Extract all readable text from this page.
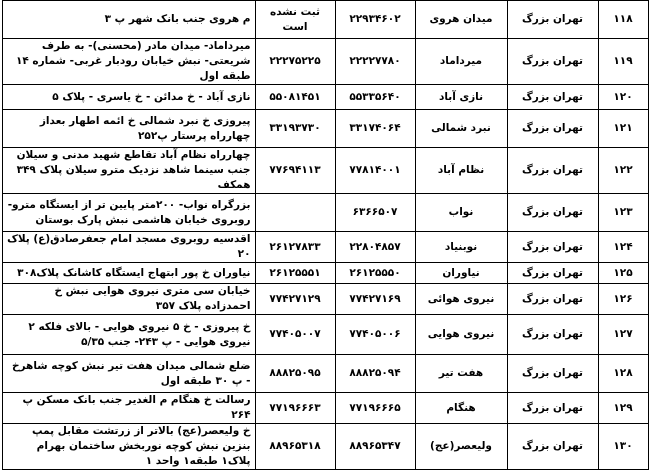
۱۱۸	تهران بزرگ	میدان هروی	۲۲۹۳۴۶۰۲	ثبت نشده است	م هروی جنب بانک شهر پ ۳
۱۱۹	تهران بزرگ	میرداماد	۲۲۲۲۷۷۸۰	۲۲۲۷۵۲۲۵	میرداماد- میدان مادر (محسنی)- به طرف شریعتی- نبش خیابان رودبار غربی- شماره ۱۴ طبقه اول
۱۲۰	تهران بزرگ	نازی آباد	۵۵۳۳۵۶۴۰	۵۵۰۸۱۴۵۱	نازی آباد - خ مدائن - خ یاسری - پلاک ۵
۱۲۱	تهران بزرگ	نبرد شمالی	۳۳۱۷۴۰۶۴	۳۳۱۹۳۷۳۰	پیروزی خ نبرد شمالی خ ائمه اطهار بعداز چهارراه پرستار پ۲۵۲
۱۲۲	تهران بزرگ	نظام آباد	۷۷۸۱۴۰۰۱	۷۷۶۹۴۱۱۳	چهارراه نظام آباد تقاطع شهید مدنی و سیلان جنب سینما شاهد نزدیک مترو سیلان پلاک ۳۴۹ همکف
۱۲۳	تهران بزرگ	نواب	۶۳۶۶۵۰۷		بزرگراه نواب- ۲۰۰متر پایین تر از ایستگاه مترو- روبروی خیابان هاشمی نبش پارک بوستان
۱۲۴	تهران بزرگ	نوبنیاد	۲۲۸۰۴۸۵۷	۲۶۱۲۷۸۳۳	اقدسیه روبروی مسجد امام جعفرصادق(ع) پلاک ۲۰
۱۲۵	تهران بزرگ	نیاوران	۲۶۱۲۵۵۵۰	۲۶۱۲۵۵۵۱	نیاوران خ پور ابتهاج ایستگاه کاشانک پلاک۳۰۸
۱۲۶	تهران بزرگ	نیروی هوائی	۷۷۴۲۷۱۶۹	۷۷۴۲۷۱۲۹	خیابان سی متری نیروی هوایی نبش خ احمدزاده پلاک ۳۵۷
۱۲۷	تهران بزرگ	نیروی هوایی	۷۷۴۰۵۰۰۶	۷۷۴۰۵۰۰۷	خ پیروزی - خ ۵ نیروی هوایی - بالای فلکه ۲ نیروی هوایی - پ ۲۴۳- جنب ۵/۳۵
۱۲۸	تهران بزرگ	هفت تیر	۸۸۸۲۵۰۹۴	۸۸۸۲۵۰۹۵	ضلع شمالی میدان هفت تیر نبش کوچه شاهرخ - پ ۳۰ طبقه اول
۱۲۹	تهران بزرگ	هنگام	۷۷۱۹۶۶۶۵	۷۷۱۹۶۶۶۳	رسالت خ هنگام م الغدیر جنب بانک مسکن پ ۲۶۴
۱۳۰	تهران بزرگ	ولیعصر(عج)	۸۸۹۶۵۳۴۷	۸۸۹۶۵۳۱۸	خ ولیعصر(عج) بالاتر از زرتشت مقابل پمپ بنزین نبش کوچه نوربخش ساختمان بهرام پلاک۱ طبقه۱ واحد ۱
